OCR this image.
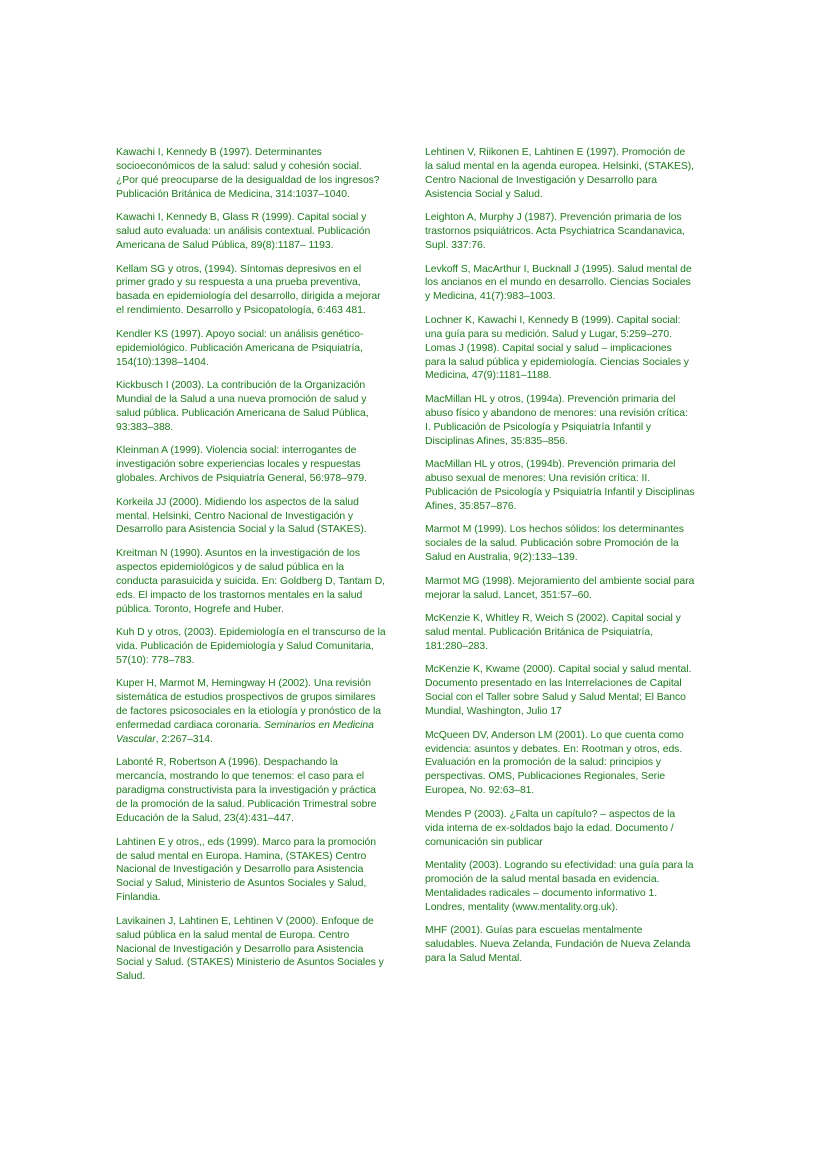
Kawachi I, Kennedy B (1997). Determinantes socioeconómicos de la salud: salud y cohesión social. ¿Por qué preocuparse de la desigualdad de los ingresos? Publicación Británica de Medicina, 314:1037–1040.

Kawachi I, Kennedy B, Glass R (1999). Capital social y salud auto evaluada: un análisis contextual. Publicación Americana de Salud Pública, 89(8):1187– 1193.

Kellam SG y otros, (1994). Síntomas depresivos en el primer grado y su respuesta a una prueba preventiva, basada en epidemiología del desarrollo, dirigida a mejorar el rendimiento. Desarrollo y Psicopatología, 6:463 481.

Kendler KS (1997). Apoyo social: un análisis genético-epidemiológico. Publicación Americana de Psiquiatría, 154(10):1398–1404.

Kickbusch I (2003). La contribución de la Organización Mundial de la Salud a una nueva promoción de salud y salud pública. Publicación Americana de Salud Pública, 93:383–388.

Kleinman A (1999). Violencia social: interrogantes de investigación sobre experiencias locales y respuestas globales. Archivos de Psiquiatría General, 56:978–979.

Korkeila JJ (2000). Midiendo los aspectos de la salud mental. Helsinki, Centro Nacional de Investigación y Desarrollo para Asistencia Social y la Salud (STAKES).

Kreitman N (1990). Asuntos en la investigación de los aspectos epidemiológicos y de salud pública en la conducta parasuicida y suicida. En: Goldberg D, Tantam D, eds. El impacto de los trastornos mentales en la salud pública. Toronto, Hogrefe and Huber.

Kuh D y otros, (2003). Epidemiología en el transcurso de la vida. Publicación de Epidemiología y Salud Comunitaria, 57(10): 778–783.

Kuper H, Marmot M, Hemingway H (2002). Una revisión sistemática de estudios prospectivos de grupos similares de factores psicosociales en la etiología y pronóstico de la enfermedad cardiaca coronaria. Seminarios en Medicina Vascular, 2:267–314.

Labonté R, Robertson A (1996). Despachando la mercancía, mostrando lo que tenemos: el caso para el paradigma constructivista para la investigación y práctica de la promoción de la salud. Publicación Trimestral sobre Educación de la Salud, 23(4):431–447.

Lahtinen E y otros,, eds (1999). Marco para la promoción de salud mental en Europa. Hamina, (STAKES) Centro Nacional de Investigación y Desarrollo para Asistencia Social y Salud, Ministerio de Asuntos Sociales y Salud, Finlandia.

Lavikainen J, Lahtinen E, Lehtinen V (2000). Enfoque de salud pública en la salud mental de Europa. Centro Nacional de Investigación y Desarrollo para Asistencia Social y Salud. (STAKES) Ministerio de Asuntos Sociales y Salud.

Lehtinen V, Riikonen E, Lahtinen E (1997). Promoción de la salud mental en la agenda europea. Helsinki, (STAKES), Centro Nacional de Investigación y Desarrollo para Asistencia Social y Salud.

Leighton A, Murphy J (1987). Prevención primaria de los trastornos psiquiátricos. Acta Psychiatrica Scandanavica, Supl. 337:76.

Levkoff S, MacArthur I, Bucknall J (1995). Salud mental de los ancianos en el mundo en desarrollo. Ciencias Sociales y Medicina, 41(7):983–1003.

Lochner K, Kawachi I, Kennedy B (1999). Capital social: una guía para su medición. Salud y Lugar, 5:259–270. Lomas J (1998). Capital social y salud – implicaciones para la salud pública y epidemiología. Ciencias Sociales y Medicina, 47(9):1181–1188.

MacMillan HL y otros, (1994a). Prevención primaria del abuso físico y abandono de menores: una revisión crítica: I. Publicación de Psicología y Psiquiatría Infantil y Disciplinas Afines, 35:835–856.

MacMillan HL y otros, (1994b). Prevención primaria del abuso sexual de menores: Una revisión crítica: II. Publicación de Psicología y Psiquiatría Infantil y Disciplinas Afines, 35:857–876.

Marmot M (1999). Los hechos sólidos: los determinantes sociales de la salud. Publicación sobre Promoción de la Salud en Australia, 9(2):133–139.

Marmot MG (1998). Mejoramiento del ambiente social para mejorar la salud. Lancet, 351:57–60.

McKenzie K, Whitley R, Weich S (2002). Capital social y salud mental. Publicación Británica de Psiquiatría, 181:280–283.

McKenzie K, Kwame (2000). Capital social y salud mental. Documento presentado en las Interrelaciones de Capital Social con el Taller sobre Salud y Salud Mental; El Banco Mundial, Washington, Julio 17

McQueen DV, Anderson LM (2001). Lo que cuenta como evidencia: asuntos y debates. En: Rootman y otros, eds. Evaluación en la promoción de la salud: principios y perspectivas. OMS, Publicaciones Regionales, Serie Europea, No. 92:63–81.

Mendes P (2003). ¿Falta un capítulo? – aspectos de la vida interna de ex-soldados bajo la edad. Documento / comunicación sin publicar

Mentality (2003). Logrando su efectividad: una guía para la promoción de la salud mental basada en evidencia. Mentalidades radicales – documento informativo 1. Londres, mentality (www.mentality.org.uk).

MHF (2001). Guías para escuelas mentalmente saludables. Nueva Zelanda, Fundación de Nueva Zelanda para la Salud Mental.
